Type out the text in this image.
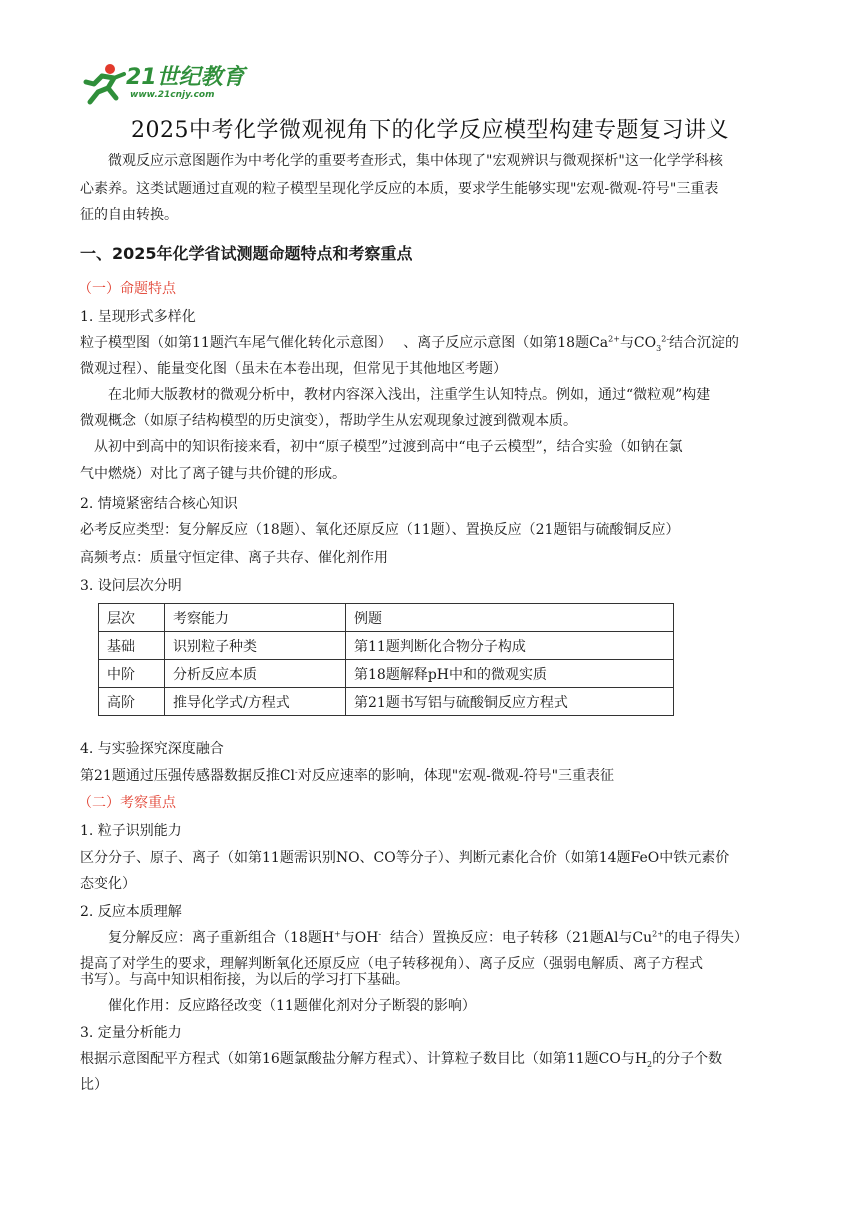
21世纪教育
www.21cnjy.com
2025中考化学微观视角下的化学反应模型构建专题复习讲义
微观反应示意图题作为中考化学的重要考查形式，集中体现了"宏观辨识与微观探析"这一化学学科核
心素养。这类试题通过直观的粒子模型呈现化学反应的本质，要求学生能够实现"宏观-微观-符号"三重表
征的自由转换。
一、2025年化学省试测题命题特点和考察重点
（一）命题特点
1. 呈现形式多样化
粒子模型图（如第11题汽车尾气催化转化示意图）　 、离子反应示意图（如第18题$Ca^{2+}$与$CO_3^{2-}$结合沉淀的
微观过程）、能量变化图（虽未在本卷出现，但常见于其他地区考题）
在北师大版教材的微观分析中，教材内容深入浅出，注重学生认知特点。例如，通过“微粒观”构建
微观概念（如原子结构模型的历史演变），帮助学生从宏观现象过渡到微观本质。
从初中到高中的知识衔接来看，初中“原子模型”过渡到高中“电子云模型”，结合实验（如钠在氯
气中燃烧）对比了离子键与共价键的形成。
2. 情境紧密结合核心知识
必考反应类型：复分解反应（18题）、氧化还原反应（11题）、置换反应（21题铝与硫酸铜反应）
高频考点：质量守恒定律、离子共存、催化剂作用
3. 设问层次分明
层次	考察能力	例题
基础	识别粒子种类	第11题判断化合物分子构成
中阶	分析反应本质	第18题解释pH中和的微观实质
高阶	推导化学式/方程式	第21题书写铝与硫酸铜反应方程式
4. 与实验探究深度融合
第21题通过压强传感器数据反推Cl-对反应速率的影响，体现"宏观-微观-符号"三重表征
（二）考察重点
1. 粒子识别能力
区分分子、原子、离子（如第11题需识别NO、CO等分子）、判断元素化合价（如第14题FeO中铁元素价
态变化）
2. 反应本质理解
复分解反应：离子重新组合（18题H+与OH- 结合）置换反应：电子转移（21题Al与$Cu^{2+}$的电子得失）
提高了对学生的要求，理解判断氧化还原反应（电子转移视角）、离子反应（强弱电解质、离子方程式
书写）。与高中知识相衔接，为以后的学习打下基础。
催化作用：反应路径改变（11题催化剂对分子断裂的影响）
3. 定量分析能力
根据示意图配平方程式（如第16题氯酸盐分解方程式）、计算粒子数目比（如第11题CO与$H_2$的分子个数
比）
